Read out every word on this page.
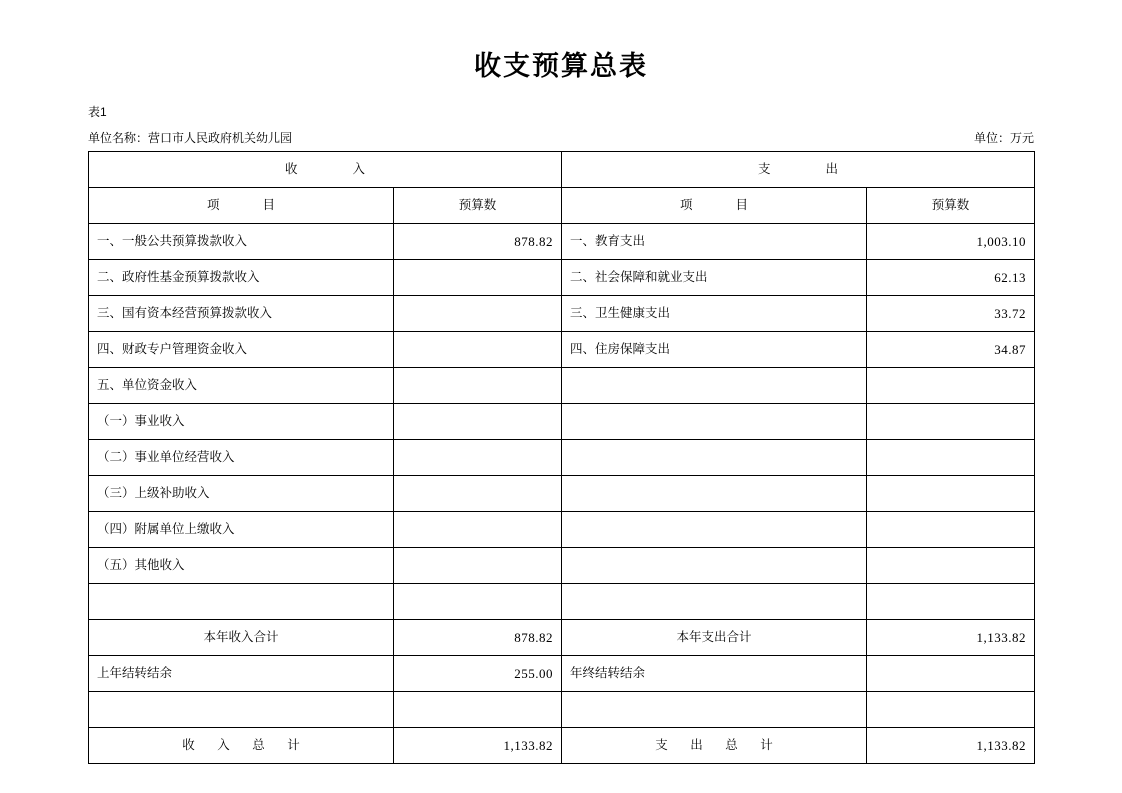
收支预算总表
表1
单位名称：营口市人民政府机关幼儿园	单位：万元
收　　入		支　　出	
项　　目	预算数	项　　目	预算数
一、一般公共预算拨款收入	878.82	一、教育支出	1,003.10
二、政府性基金预算拨款收入		二、社会保障和就业支出	62.13
三、国有资本经营预算拨款收入		三、卫生健康支出	33.72
四、财政专户管理资金收入		四、住房保障支出	34.87
五、单位资金收入			
（一）事业收入			
（二）事业单位经营收入			
（三）上级补助收入			
（四）附属单位上缴收入			
（五）其他收入			

本年收入合计	878.82	本年支出合计	1,133.82
上年结转结余	255.00	年终结转结余	

收　入　总　计	1,133.82	支　出　总　计	1,133.82
